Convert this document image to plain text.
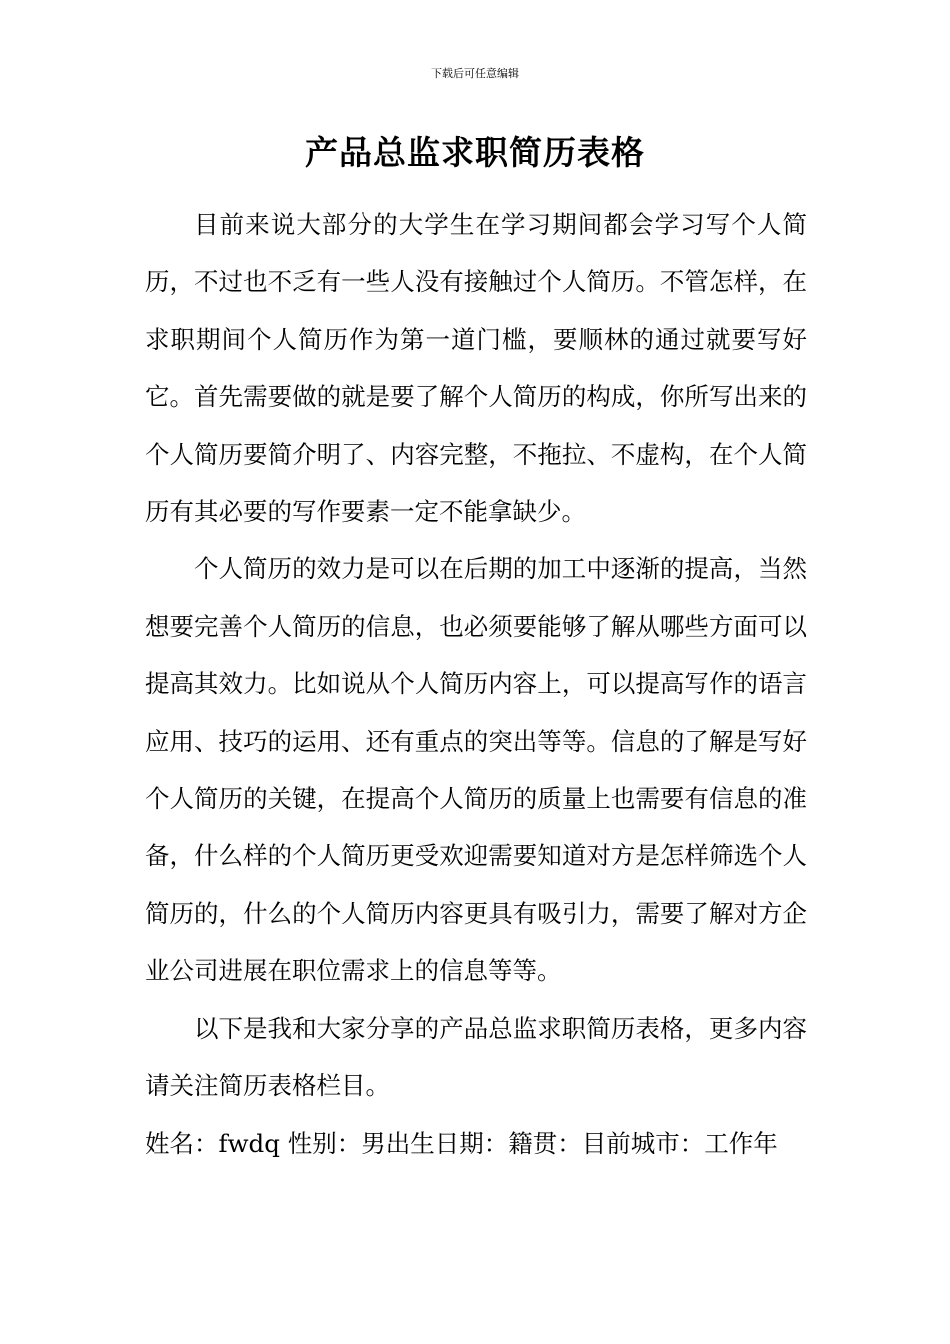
下载后可任意编辑
产品总监求职简历表格

目前来说大部分的大学生在学习期间都会学习写个人简历，不过也不乏有一些人没有接触过个人简历。不管怎样，在求职期间个人简历作为第一道门槛，要顺林的通过就要写好它。首先需要做的就是要了解个人简历的构成，你所写出来的个人简历要简介明了、内容完整，不拖拉、不虚构，在个人简历有其必要的写作要素一定不能拿缺少。

个人简历的效力是可以在后期的加工中逐渐的提高，当然想要完善个人简历的信息，也必须要能够了解从哪些方面可以提高其效力。比如说从个人简历内容上，可以提高写作的语言应用、技巧的运用、还有重点的突出等等。信息的了解是写好个人简历的关键，在提高个人简历的质量上也需要有信息的准备，什么样的个人简历更受欢迎需要知道对方是怎样筛选个人简历的，什么的个人简历内容更具有吸引力，需要了解对方企业公司进展在职位需求上的信息等等。

以下是我和大家分享的产品总监求职简历表格，更多内容请关注简历表格栏目。

姓名：fwdq 性别：男出生日期：籍贯：目前城市：工作年
